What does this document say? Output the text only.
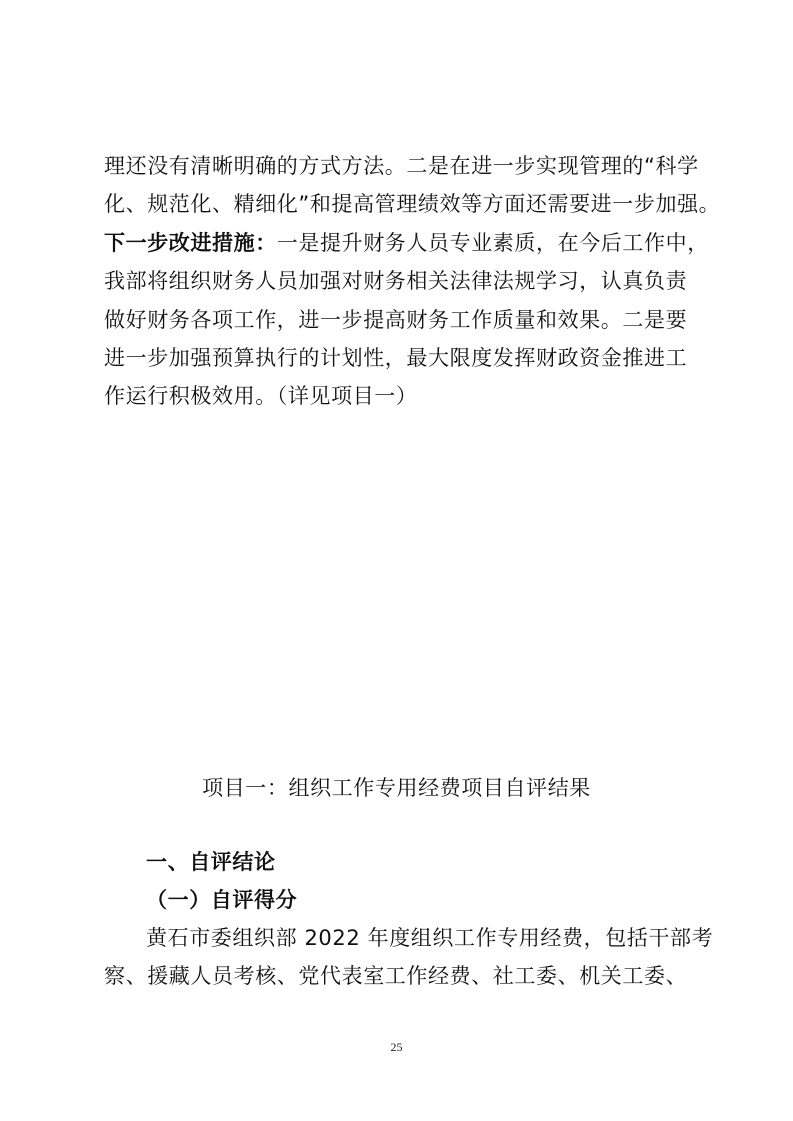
理还没有清晰明确的方式方法。二是在进一步实现管理的“科学
化、规范化、精细化”和提高管理绩效等方面还需要进一步加强。
下一步改进措施：一是提升财务人员专业素质，在今后工作中，
我部将组织财务人员加强对财务相关法律法规学习，认真负责
做好财务各项工作，进一步提高财务工作质量和效果。二是要
进一步加强预算执行的计划性，最大限度发挥财政资金推进工
作运行积极效用。（详见项目一）
项目一：组织工作专用经费项目自评结果
一、自评结论
（一）自评得分
黄石市委组织部 2022 年度组织工作专用经费，包括干部考
察、援藏人员考核、党代表室工作经费、社工委、机关工委、
25
